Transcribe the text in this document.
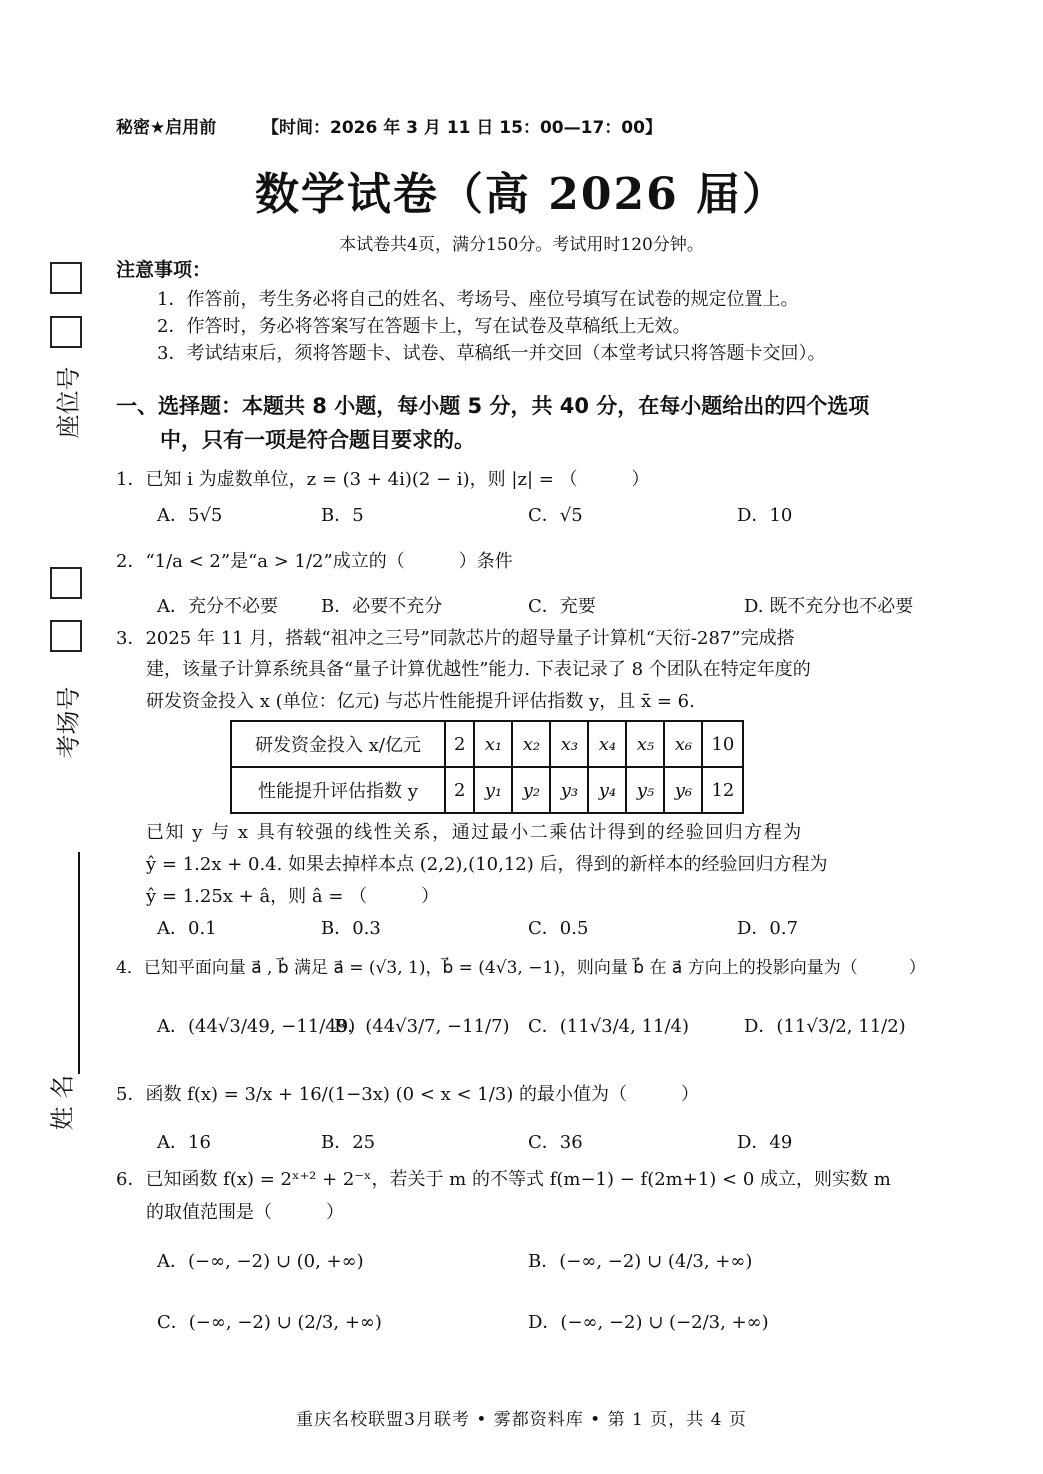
秘密★启用前	【时间：2026 年 3 月 11 日 15：00—17：00】
数学试卷（高 2026 届）
本试卷共4页，满分150分。考试用时120分钟。
座位号
考场号
姓 名
注意事项：
1．作答前，考生务必将自己的姓名、考场号、座位号填写在试卷的规定位置上。
2．作答时，务必将答案写在答题卡上，写在试卷及草稿纸上无效。
3．考试结束后，须将答题卡、试卷、草稿纸一并交回（本堂考试只将答题卡交回）。
一、选择题：本题共 8 小题，每小题 5 分，共 40 分，在每小题给出的四个选项
中，只有一项是符合题目要求的。
1．已知 i 为虚数单位，z = (3 + 4i)(2 − i)，则 |z| = （　　　）
A．5√5	B．5	C．√5	D．10
2．“1/a < 2”是“a > 1/2”成立的（　　　）条件
A．充分不必要 B．必要不充分	C．充要	D. 既不充分也不必要
3．2025 年 11 月，搭载“祖冲之三号”同款芯片的超导量子计算机“天衍-287”完成搭
建，该量子计算系统具备“量子计算优越性”能力. 下表记录了 8 个团队在特定年度的
研发资金投入 x (单位：亿元) 与芯片性能提升评估指数 y，且 x̄ = 6.
研发资金投入 x/亿元	2	x₁	x₂	x₃	x₄	x₅	x₆	10
性能提升评估指数 y	2	y₁	y₂	y₃	y₄	y₅	y₆	12
已知 y 与 x 具有较强的线性关系，通过最小二乘估计得到的经验回归方程为
ŷ = 1.2x + 0.4. 如果去掉样本点 (2,2),(10,12) 后，得到的新样本的经验回归方程为
ŷ = 1.25x + â，则 â = （　　　）
A．0.1	B．0.3	C．0.5	D．0.7
4．已知平面向量 a⃗ , b⃗ 满足 a⃗ = (√3, 1)，b⃗ = (4√3, −1)，则向量 b⃗ 在 a⃗ 方向上的投影向量为（　　　）
A．(44√3/49, −11/49)
B．(44√3/7, −11/7) C．(11√3/4, 11/4)	D．(11√3/2, 11/2)
5．函数 f(x) = 3/x + 16/(1−3x) (0 < x < 1/3) 的最小值为（　　　）
A．16	B．25	C．36	D．49
6．已知函数 f(x) = 2ˣ⁺² + 2⁻ˣ，若关于 m 的不等式 f(m−1) − f(2m+1) < 0 成立，则实数 m
的取值范围是（　　　）
A．(−∞, −2) ∪ (0, +∞)	B．(−∞, −2) ∪ (4/3, +∞)
C．(−∞, −2) ∪ (2/3, +∞)	D．(−∞, −2) ∪ (−2/3, +∞)
重庆名校联盟3月联考 • 雾都资料库 • 第 1 页，共 4 页
